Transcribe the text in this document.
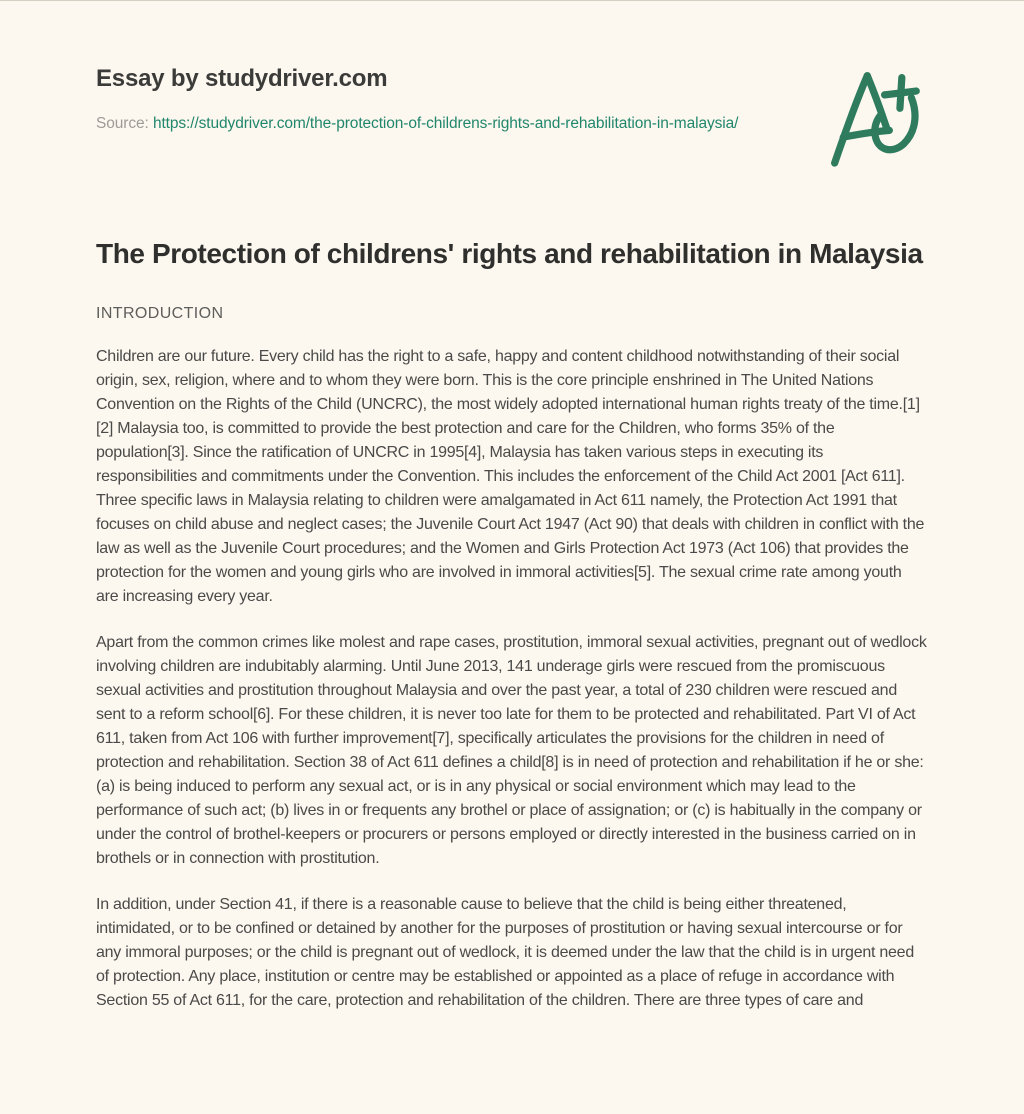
Essay by studydriver.com
Source: https://studydriver.com/the-protection-of-childrens-rights-and-rehabilitation-in-malaysia/
The Protection of childrens' rights and rehabilitation in Malaysia
INTRODUCTION

Children are our future. Every child has the right to a safe, happy and content childhood notwithstanding of their social origin, sex, religion, where and to whom they were born. This is the core principle enshrined in The United Nations Convention on the Rights of the Child (UNCRC), the most widely adopted international human rights treaty of the time.[1] [2] Malaysia too, is committed to provide the best protection and care for the Children, who forms 35% of the population[3]. Since the ratification of UNCRC in 1995[4], Malaysia has taken various steps in executing its responsibilities and commitments under the Convention. This includes the enforcement of the Child Act 2001 [Act 611]. Three specific laws in Malaysia relating to children were amalgamated in Act 611 namely, the Protection Act 1991 that focuses on child abuse and neglect cases; the Juvenile Court Act 1947 (Act 90) that deals with children in conflict with the law as well as the Juvenile Court procedures; and the Women and Girls Protection Act 1973 (Act 106) that provides the protection for the women and young girls who are involved in immoral activities[5]. The sexual crime rate among youth are increasing every year.

Apart from the common crimes like molest and rape cases, prostitution, immoral sexual activities, pregnant out of wedlock involving children are indubitably alarming. Until June 2013, 141 underage girls were rescued from the promiscuous sexual activities and prostitution throughout Malaysia and over the past year, a total of 230 children were rescued and sent to a reform school[6]. For these children, it is never too late for them to be protected and rehabilitated. Part VI of Act 611, taken from Act 106 with further improvement[7], specifically articulates the provisions for the children in need of protection and rehabilitation. Section 38 of Act 611 defines a child[8] is in need of protection and rehabilitation if he or she: (a) is being induced to perform any sexual act, or is in any physical or social environment which may lead to the performance of such act; (b) lives in or frequents any brothel or place of assignation; or (c) is habitually in the company or under the control of brothel-keepers or procurers or persons employed or directly interested in the business carried on in brothels or in connection with prostitution.

In addition, under Section 41, if there is a reasonable cause to believe that the child is being either threatened, intimidated, or to be confined or detained by another for the purposes of prostitution or having sexual intercourse or for any immoral purposes; or the child is pregnant out of wedlock, it is deemed under the law that the child is in urgent need of protection. Any place, institution or centre may be established or appointed as a place of refuge in accordance with Section 55 of Act 611, for the care, protection and rehabilitation of the children. There are three types of care and
